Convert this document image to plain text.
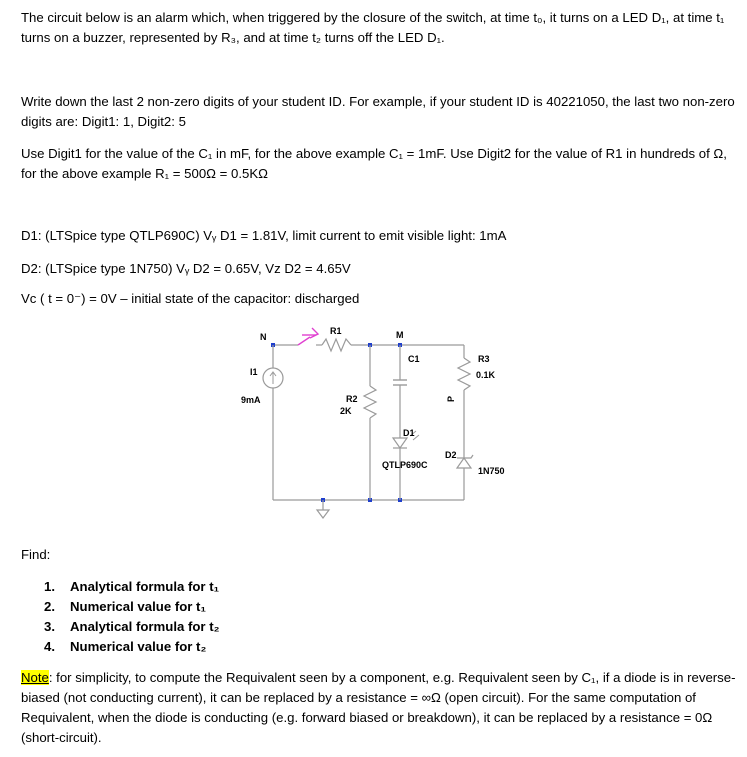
The circuit below is an alarm which, when triggered by the closure of the switch, at time t₀, it turns on a LED D₁, at time t₁ turns on a buzzer, represented by R₃, and at time t₂ turns off the LED D₁.

Write down the last 2 non-zero digits of your student ID. For example, if your student ID is 40221050, the last two non-zero digits are: Digit1: 1, Digit2: 5

Use Digit1 for the value of the C₁ in mF, for the above example C₁ = 1mF. Use Digit2 for the value of R1 in hundreds of Ω, for the above example R₁ = 500Ω = 0.5KΩ

D1: (LTSpice type QTLP690C) Vᵧ D1 = 1.81V, limit current to emit visible light: 1mA

D2: (LTSpice type 1N750) Vᵧ D2 = 0.65V, Vz D2 = 4.65V

Vc ( t = 0⁻) = 0V – initial state of the capacitor: discharged

N
R1	M
I1
9mA	R2
2K
C1
D1
QTLP690C
P
R3
0.1K
D2
1N750

Find:

1. Analytical formula for t₁
2. Numerical value for t₁
3. Analytical formula for t₂
4. Numerical value for t₂

Note: for simplicity, to compute the Requivalent seen by a component, e.g. Requivalent seen by C₁, if a diode is in reverse-biased (not conducting current), it can be replaced by a resistance = ∞Ω (open circuit). For the same computation of Requivalent, when the diode is conducting (e.g. forward biased or breakdown), it can be replaced by a resistance = 0Ω (short-circuit).
